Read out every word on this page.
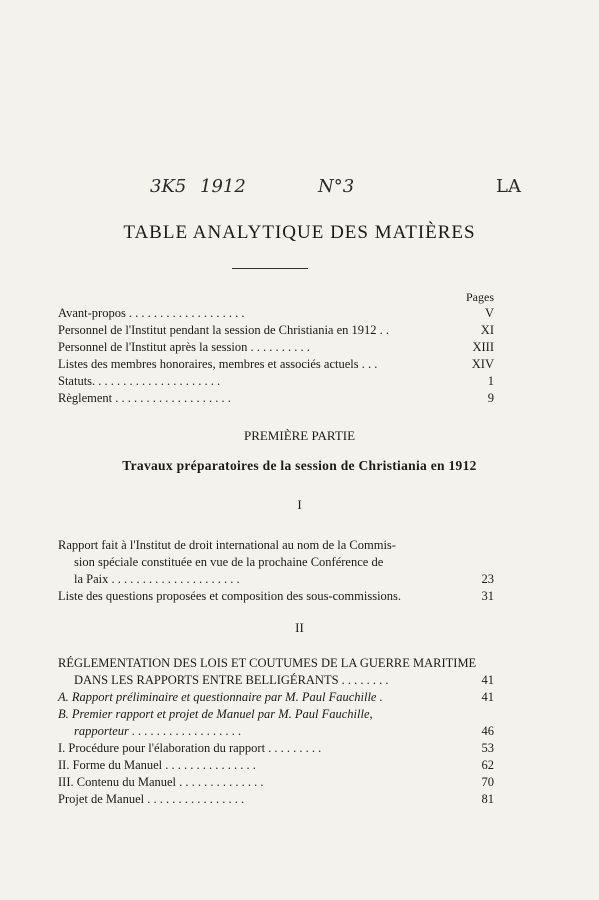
3K5 1912	N°3	LA
TABLE ANALYTIQUE DES MATIÈRES
Pages
Avant-propos . . . . . . . . . . . . . . . . . . .	V
Personnel de l'Institut pendant la session de Christiania en 1912 . .	XI
Personnel de l'Institut après la session . . . . . . . . . .	XIII
Listes des membres honoraires, membres et associés actuels . . .	XIV
Statuts. . . . . . . . . . . . . . . . . . . . .	1
Règlement . . . . . . . . . . . . . . . . . . .	9
PREMIÈRE PARTIE
Travaux préparatoires de la session de Christiania en 1912
I
Rapport fait à l'Institut de droit international au nom de la Commis-
sion spéciale constituée en vue de la prochaine Conférence de
la Paix . . . . . . . . . . . . . . . . . . . . .	23
Liste des questions proposées et composition des sous-commissions.	31
II
RÉGLEMENTATION DES LOIS ET COUTUMES DE LA GUERRE MARITIME
DANS LES RAPPORTS ENTRE BELLIGÉRANTS . . . . . . . .	41
A. Rapport préliminaire et questionnaire par M. Paul Fauchille .	41
B. Premier rapport et projet de Manuel par M. Paul Fauchille,
rapporteur . . . . . . . . . . . . . . . . . .	46
I. Procédure pour l'élaboration du rapport . . . . . . . . .	53
II. Forme du Manuel . . . . . . . . . . . . . . .	62
III. Contenu du Manuel . . . . . . . . . . . . . .	70
Projet de Manuel . . . . . . . . . . . . . . . .	81
